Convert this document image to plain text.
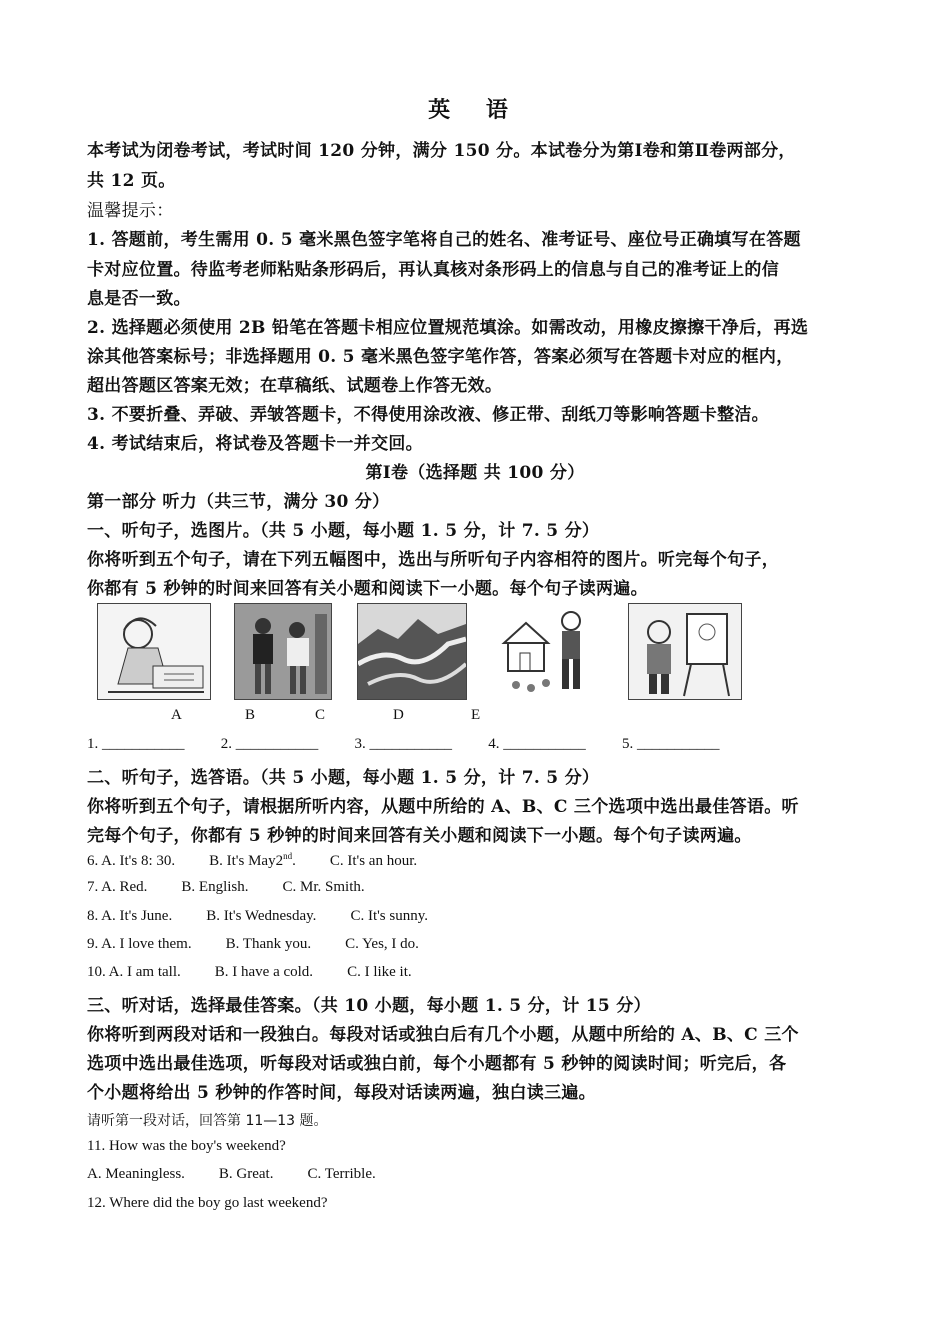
英 语
本考试为闭卷考试，考试时间 120 分钟，满分 150 分。本试卷分为第Ⅰ卷和第Ⅱ卷两部分，
共 12 页。
温馨提示：
1. 答题前，考生需用 0. 5 毫米黑色签字笔将自己的姓名、准考证号、座位号正确填写在答题
卡对应位置。待监考老师粘贴条形码后，再认真核对条形码上的信息与自己的准考证上的信
息是否一致。
2. 选择题必须使用 2B 铅笔在答题卡相应位置规范填涂。如需改动，用橡皮擦擦干净后，再选
涂其他答案标号；非选择题用 0. 5 毫米黑色签字笔作答，答案必须写在答题卡对应的框内，
超出答题区答案无效；在草稿纸、试题卷上作答无效。
3. 不要折叠、弄破、弄皱答题卡，不得使用涂改液、修正带、刮纸刀等影响答题卡整洁。
4. 考试结束后，将试卷及答题卡一并交回。
第Ⅰ卷（选择题 共 100 分）
第一部分 听力（共三节，满分 30 分）
一、听句子，选图片。（共 5 小题，每小题 1. 5 分，计 7. 5 分）
你将听到五个句子，请在下列五幅图中，选出与所听句子内容相符的图片。听完每个句子，
你都有 5 秒钟的时间来回答有关小题和阅读下一小题。每个句子读两遍。
A	B	C	D	E
1. ___________ 2. ___________ 3. ___________ 4. ___________ 5. ___________
二、听句子，选答语。（共 5 小题，每小题 1. 5 分，计 7. 5 分）
你将听到五个句子，请根据所听内容，从题中所给的 A、B、C 三个选项中选出最佳答语。听
完每个句子，你都有 5 秒钟的时间来回答有关小题和阅读下一小题。每个句子读两遍。
6. A. It's 8: 30. B. It's May2nd. C. It's an hour.
7. A. Red. B. English. C. Mr. Smith.
8. A. It's June. B. It's Wednesday. C. It's sunny.
9. A. I love them. B. Thank you. C. Yes, I do.
10. A. I am tall. B. I have a cold. C. I like it.
三、听对话，选择最佳答案。（共 10 小题，每小题 1. 5 分，计 15 分）
你将听到两段对话和一段独白。每段对话或独白后有几个小题，从题中所给的 A、B、C 三个
选项中选出最佳选项，听每段对话或独白前，每个小题都有 5 秒钟的阅读时间；听完后，各
个小题将给出 5 秒钟的作答时间，每段对话读两遍，独白读三遍。
请听第一段对话，回答第 11—13 题。
11. How was the boy's weekend?
A. Meaningless. B. Great. C. Terrible.
12. Where did the boy go last weekend?
